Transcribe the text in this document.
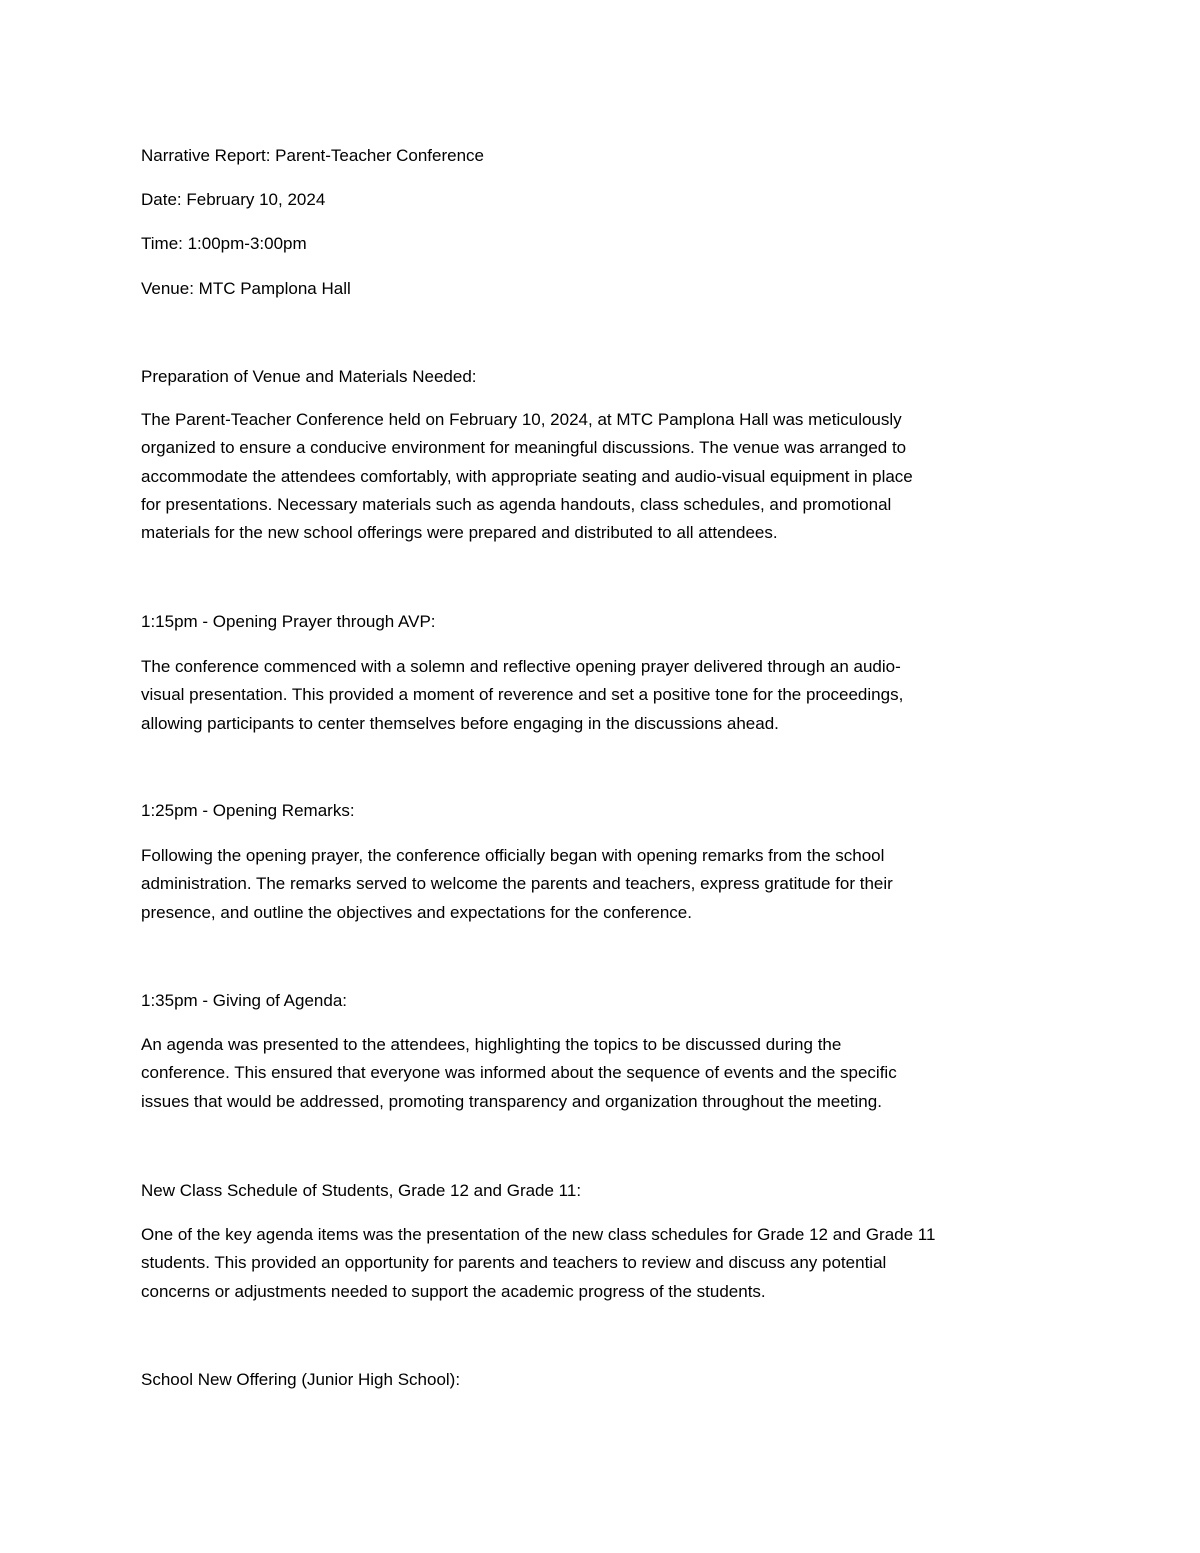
Narrative Report: Parent-Teacher Conference

Date: February 10, 2024

Time: 1:00pm-3:00pm

Venue: MTC Pamplona Hall

Preparation of Venue and Materials Needed:

The Parent-Teacher Conference held on February 10, 2024, at MTC Pamplona Hall was meticulously
organized to ensure a conducive environment for meaningful discussions. The venue was arranged to
accommodate the attendees comfortably, with appropriate seating and audio-visual equipment in place
for presentations. Necessary materials such as agenda handouts, class schedules, and promotional
materials for the new school offerings were prepared and distributed to all attendees.

1:15pm - Opening Prayer through AVP:

The conference commenced with a solemn and reflective opening prayer delivered through an audio-
visual presentation. This provided a moment of reverence and set a positive tone for the proceedings,
allowing participants to center themselves before engaging in the discussions ahead.

1:25pm - Opening Remarks:

Following the opening prayer, the conference officially began with opening remarks from the school
administration. The remarks served to welcome the parents and teachers, express gratitude for their
presence, and outline the objectives and expectations for the conference.

1:35pm - Giving of Agenda:

An agenda was presented to the attendees, highlighting the topics to be discussed during the
conference. This ensured that everyone was informed about the sequence of events and the specific
issues that would be addressed, promoting transparency and organization throughout the meeting.

New Class Schedule of Students, Grade 12 and Grade 11:

One of the key agenda items was the presentation of the new class schedules for Grade 12 and Grade 11
students. This provided an opportunity for parents and teachers to review and discuss any potential
concerns or adjustments needed to support the academic progress of the students.

School New Offering (Junior High School):
